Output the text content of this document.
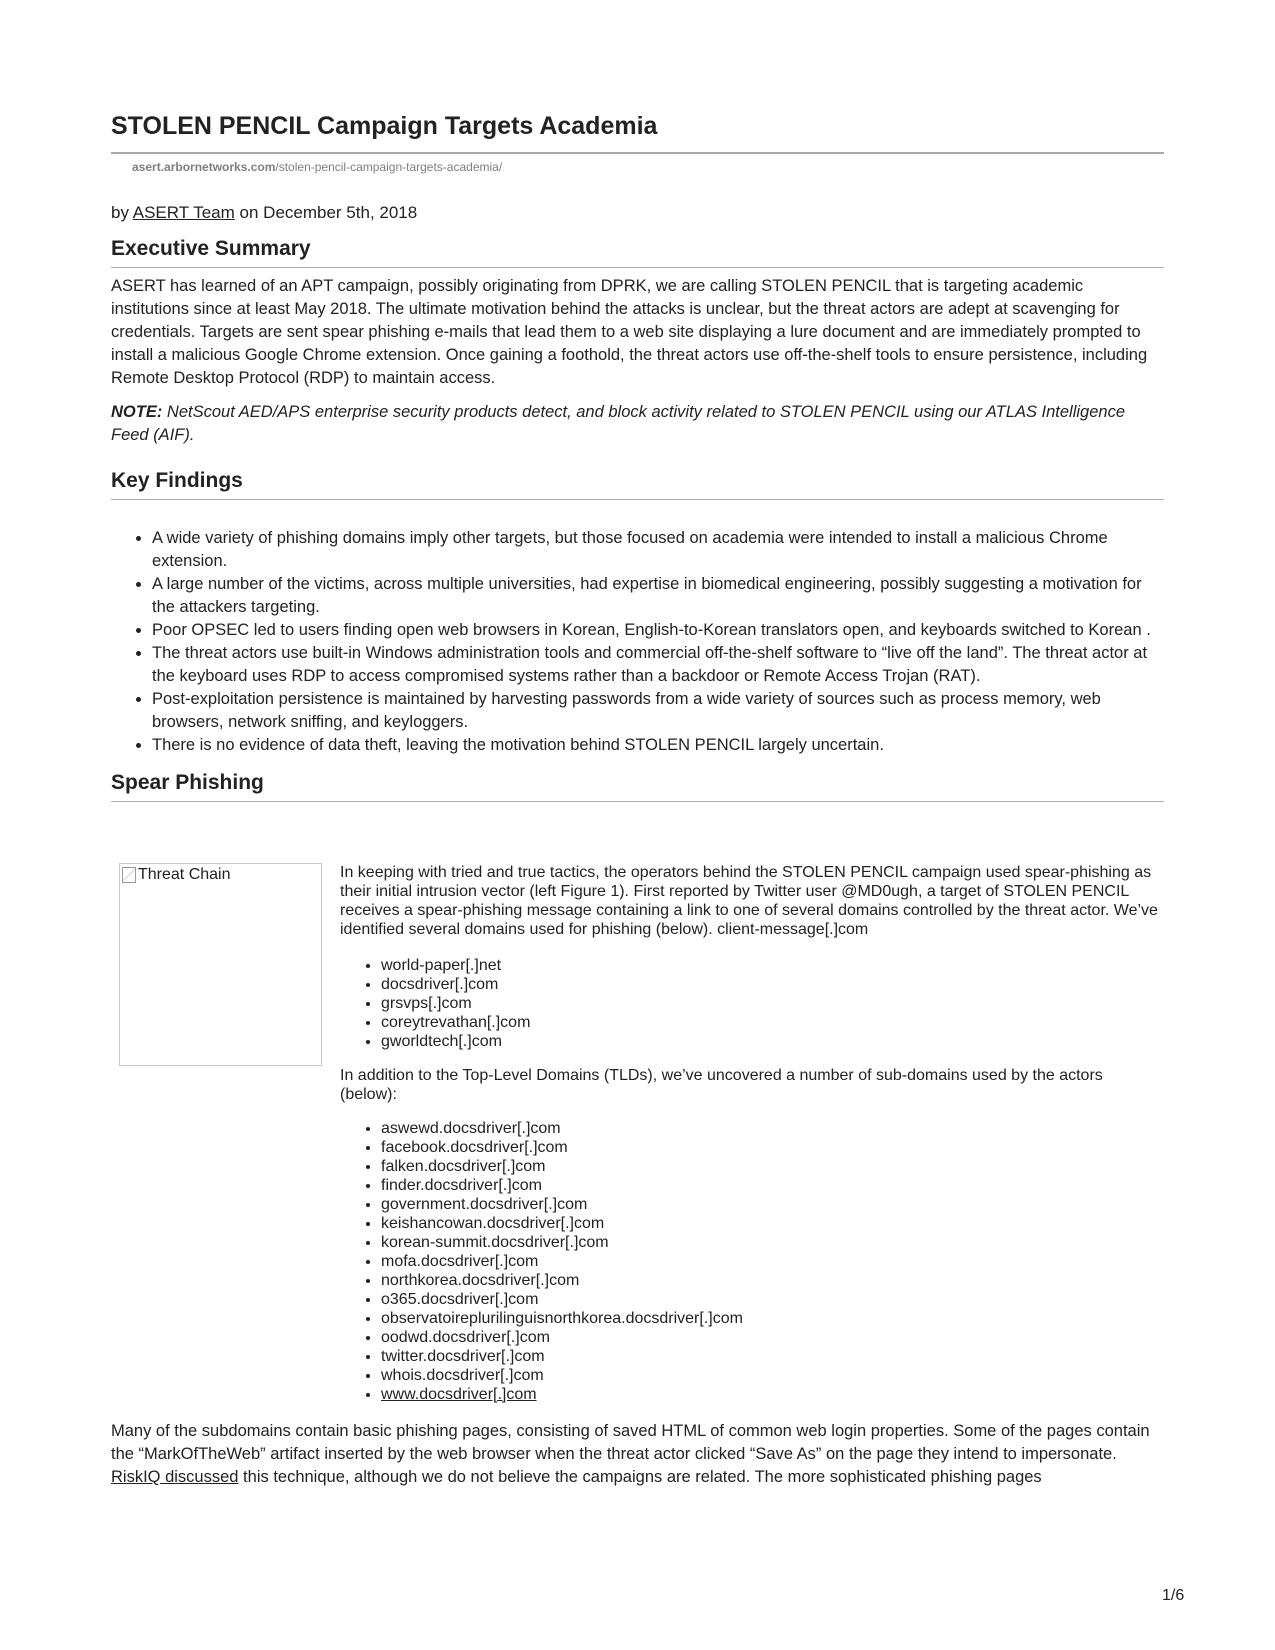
STOLEN PENCIL Campaign Targets Academia
asert.arbornetworks.com/stolen-pencil-campaign-targets-academia/
by ASERT Team on December 5th, 2018
Executive Summary

ASERT has learned of an APT campaign, possibly originating from DPRK, we are calling STOLEN PENCIL that is targeting academic institutions since at least May 2018. The ultimate motivation behind the attacks is unclear, but the threat actors are adept at scavenging for credentials. Targets are sent spear phishing e-mails that lead them to a web site displaying a lure document and are immediately prompted to install a malicious Google Chrome extension. Once gaining a foothold, the threat actors use off-the-shelf tools to ensure persistence, including Remote Desktop Protocol (RDP) to maintain access.

NOTE: NetScout AED/APS enterprise security products detect, and block activity related to STOLEN PENCIL using our ATLAS Intelligence Feed (AIF).

Key Findings
• A wide variety of phishing domains imply other targets, but those focused on academia were intended to install a malicious Chrome extension.
• A large number of the victims, across multiple universities, had expertise in biomedical engineering, possibly suggesting a motivation for the attackers targeting.
• Poor OPSEC led to users finding open web browsers in Korean, English-to-Korean translators open, and keyboards switched to Korean .
• The threat actors use built-in Windows administration tools and commercial off-the-shelf software to “live off the land”. The threat actor at the keyboard uses RDP to access compromised systems rather than a backdoor or Remote Access Trojan (RAT).
• Post-exploitation persistence is maintained by harvesting passwords from a wide variety of sources such as process memory, web browsers, network sniffing, and keyloggers.
• There is no evidence of data theft, leaving the motivation behind STOLEN PENCIL largely uncertain.
Spear Phishing
Threat Chain	In keeping with tried and true tactics, the operators behind the STOLEN PENCIL campaign used spear-phishing as their initial intrusion vector (left Figure 1). First reported by Twitter user @MD0ugh, a target of STOLEN PENCIL receives a spear-phishing message containing a link to one of several domains controlled by the threat actor. We’ve identified several domains used for phishing (below). client-message[.]com

• world-paper[.]net
• docsdriver[.]com
• grsvps[.]com
• coreytrevathan[.]com
• gworldtech[.]com

In addition to the Top-Level Domains (TLDs), we’ve uncovered a number of sub-domains used by the actors (below):

• aswewd.docsdriver[.]com
• facebook.docsdriver[.]com
• falken.docsdriver[.]com
• finder.docsdriver[.]com
• government.docsdriver[.]com
• keishancowan.docsdriver[.]com
• korean-summit.docsdriver[.]com
• mofa.docsdriver[.]com
• northkorea.docsdriver[.]com
• o365.docsdriver[.]com
• observatoireplurilinguisnorthkorea.docsdriver[.]com
• oodwd.docsdriver[.]com
• twitter.docsdriver[.]com
• whois.docsdriver[.]com
• www.docsdriver[.]com

Many of the subdomains contain basic phishing pages, consisting of saved HTML of common web login properties. Some of the pages contain the “MarkOfTheWeb” artifact inserted by the web browser when the threat actor clicked “Save As” on the page they intend to impersonate. RiskIQ discussed this technique, although we do not believe the campaigns are related. The more sophisticated phishing pages

1/6
